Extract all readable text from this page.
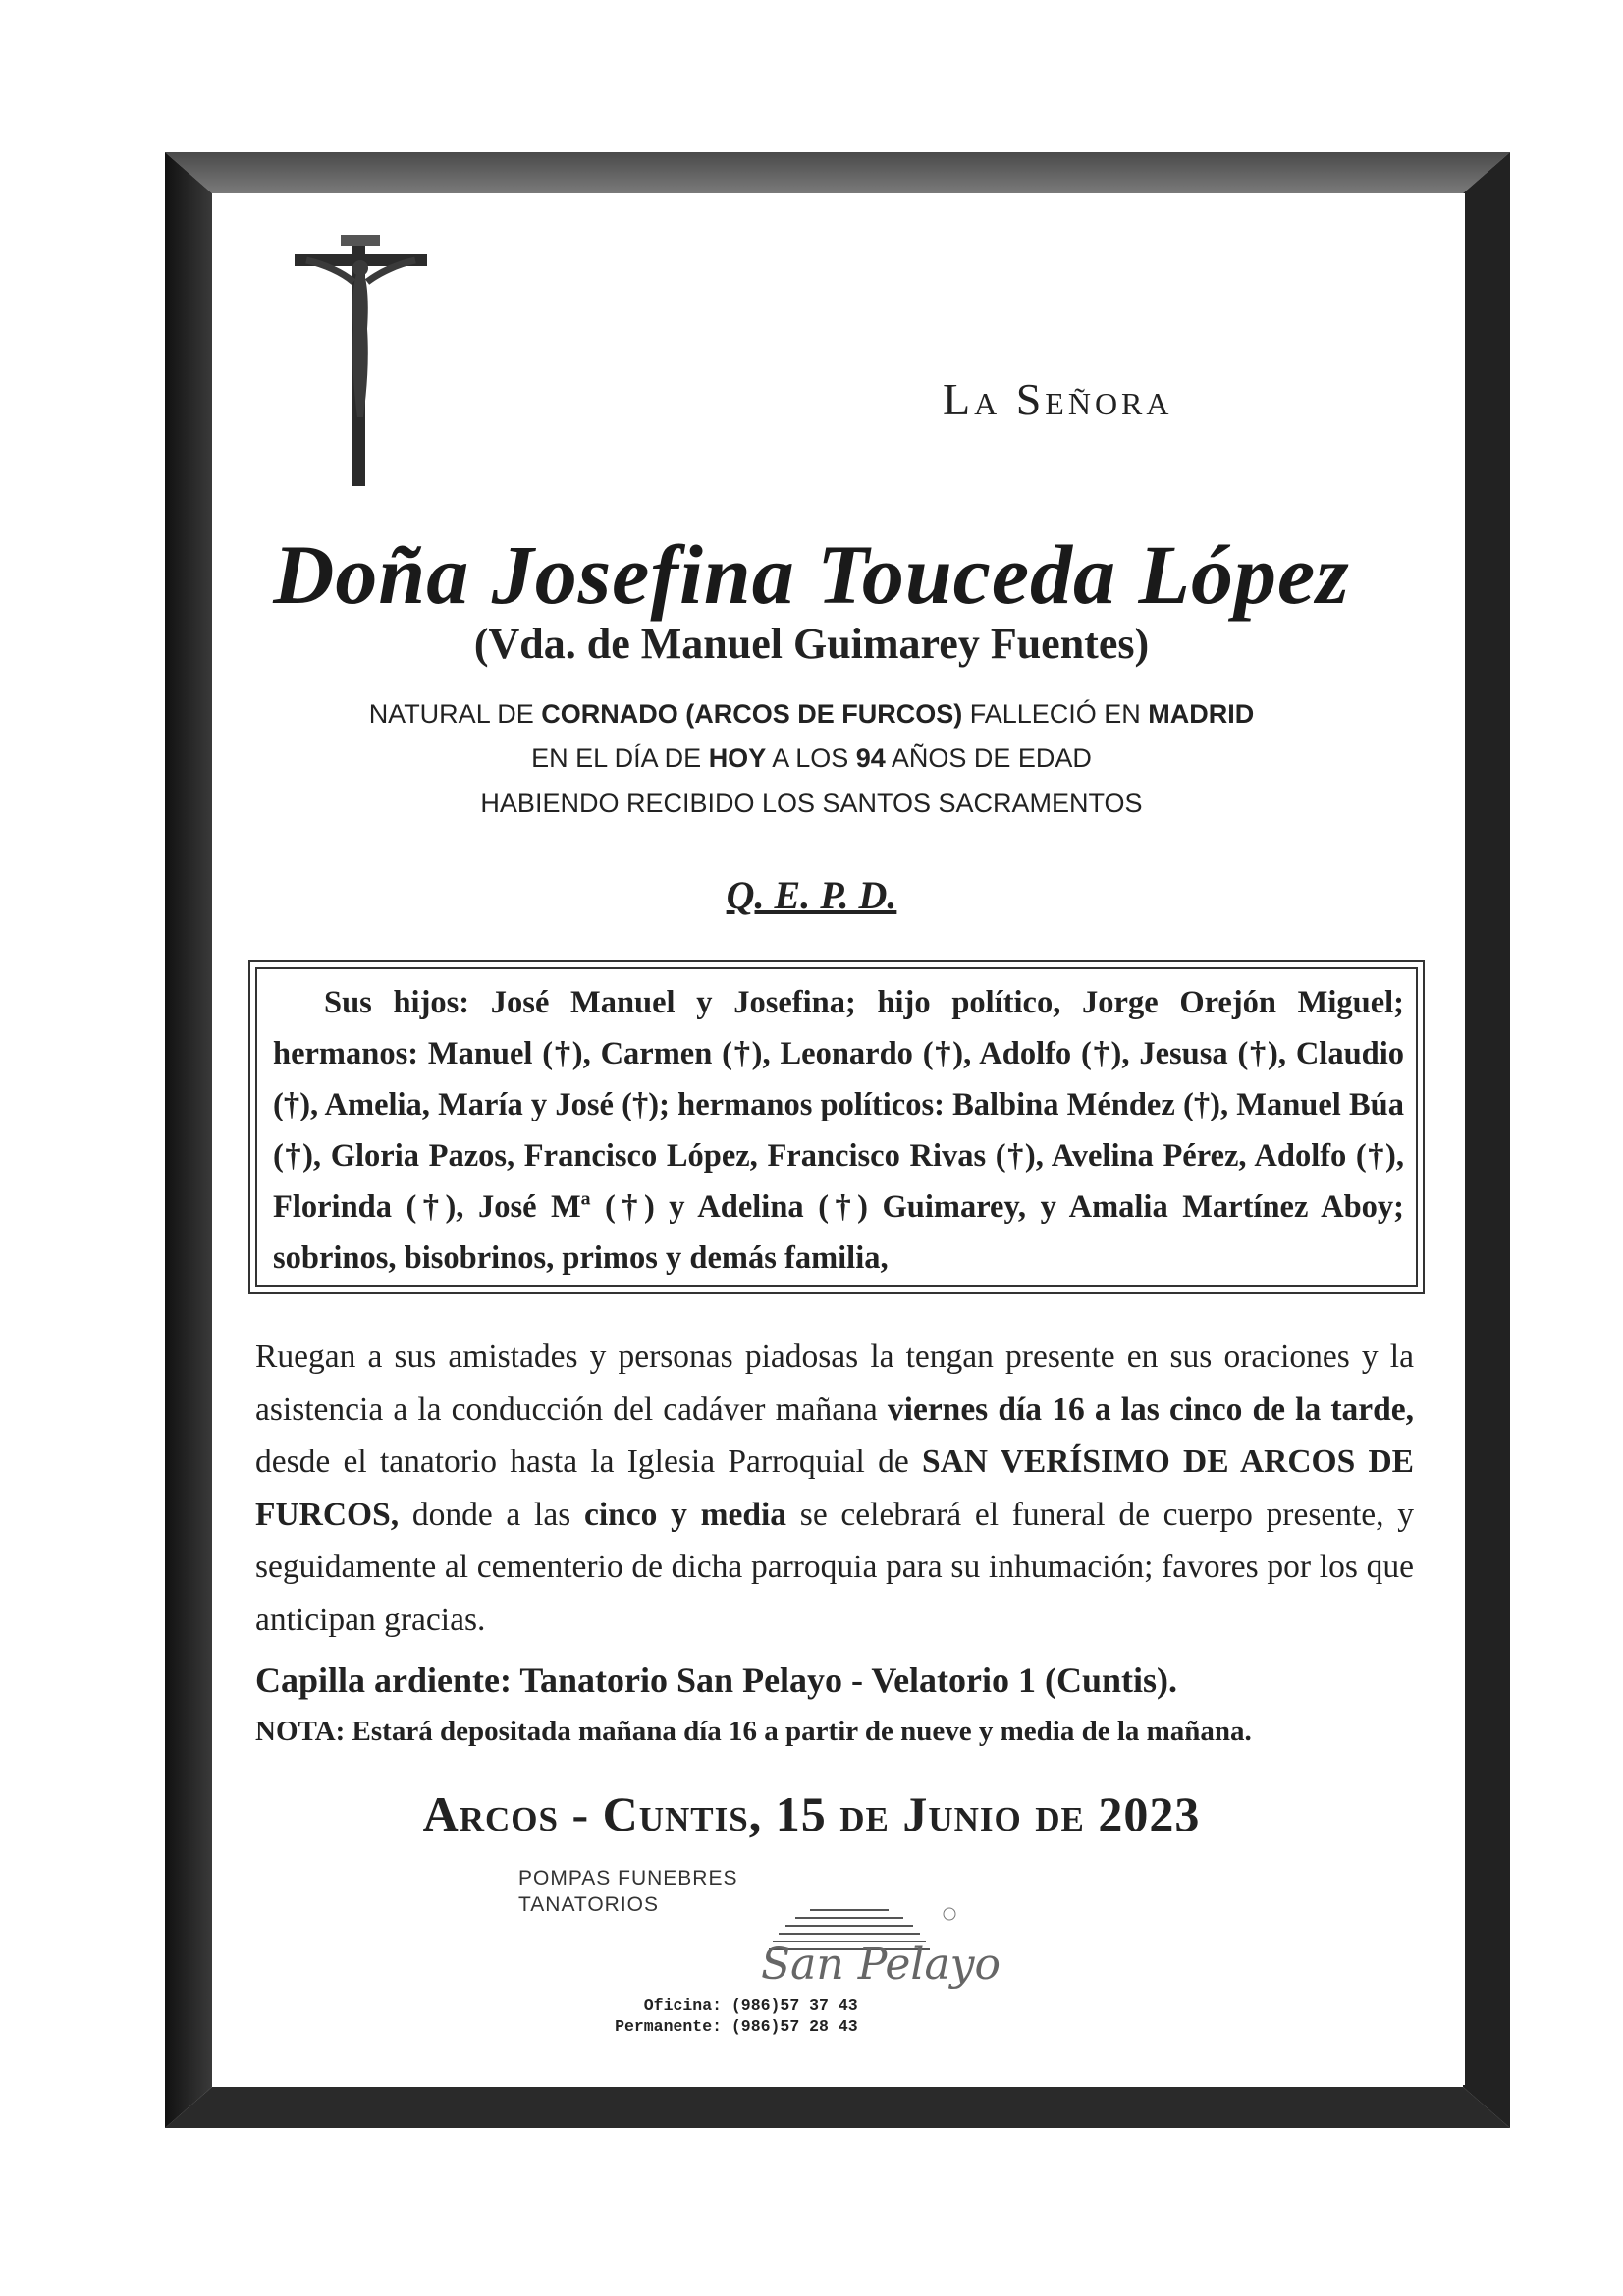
La Señora
Doña Josefina Touceda López
(Vda. de Manuel Guimarey Fuentes)
NATURAL DE CORNADO (ARCOS DE FURCOS) FALLECIÓ EN MADRID
EN EL DÍA DE HOY A LOS 94 AÑOS DE EDAD
HABIENDO RECIBIDO LOS SANTOS SACRAMENTOS
Q. E. P. D.
Sus hijos: José Manuel y Josefina; hijo político, Jorge Orejón Miguel; hermanos: Manuel (†), Carmen (†), Leonardo (†), Adolfo (†), Jesusa (†), Claudio (†), Amelia, María y José (†); hermanos políticos: Balbina Méndez (†), Manuel Búa (†), Gloria Pazos, Francisco López, Francisco Rivas (†), Avelina Pérez, Adolfo (†), Florinda (†), José Mª (†) y Adelina (†) Guimarey, y Amalia Martínez Aboy; sobrinos, bisobrinos, primos y demás familia,
Ruegan a sus amistades y personas piadosas la tengan presente en sus oraciones y la asistencia a la conducción del cadáver mañana viernes día 16 a las cinco de la tarde, desde el tanatorio hasta la Iglesia Parroquial de SAN VERÍSIMO DE ARCOS DE FURCOS, donde a las cinco y media se celebrará el funeral de cuerpo presente, y seguidamente al cementerio de dicha parroquia para su inhumación; favores por los que anticipan gracias.
Capilla ardiente: Tanatorio San Pelayo - Velatorio 1 (Cuntis).
NOTA: Estará depositada mañana día 16 a partir de nueve y media de la mañana.
Arcos - Cuntis, 15 de Junio de 2023
POMPAS FUNEBRES
TANATORIOS
San Pelayo
Oficina: (986)57 37 43
Permanente: (986)57 28 43
